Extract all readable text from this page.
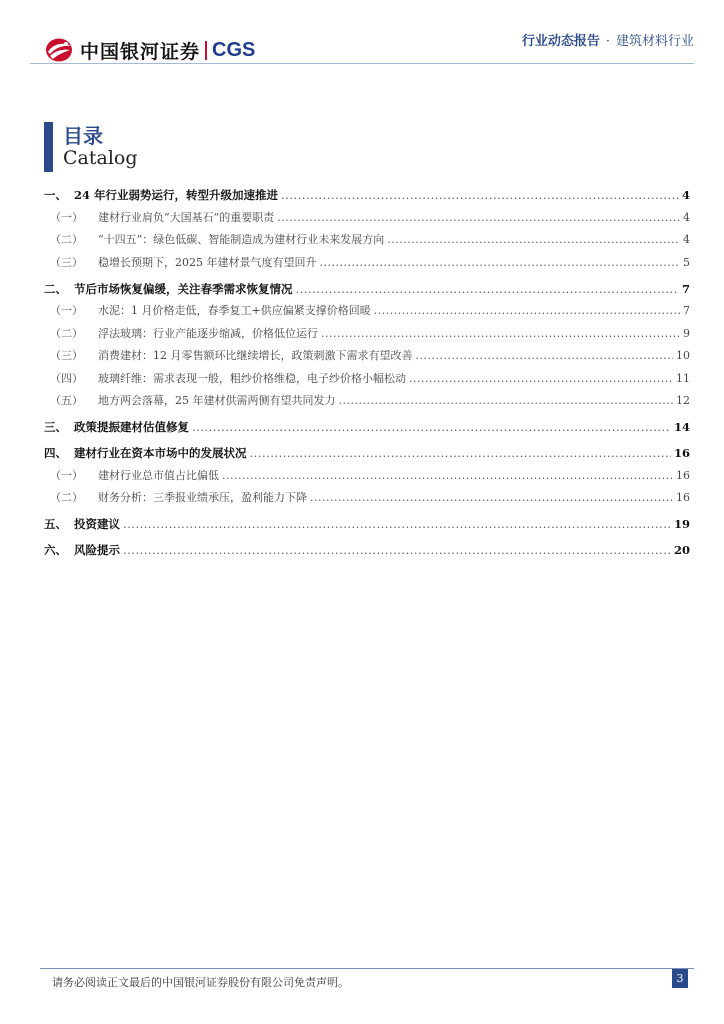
中国银河证券 CGS	行业动态报告 · 建筑材料行业
目录
Catalog
一、 24 年行业弱势运行，转型升级加速推进 .....	4
（一）	建材行业肩负“大国基石”的重要职责 .....	4
（二）	“十四五”：绿色低碳、智能制造成为建材行业未来发展方向 .....	4
（三）	稳增长预期下，2025 年建材景气度有望回升 .....	5
二、 节后市场恢复偏缓，关注春季需求恢复情况 .....	7
（一）	水泥：1 月价格走低，春季复工+供应偏紧支撑价格回暖 .....	7
（二）	浮法玻璃：行业产能逐步缩减，价格低位运行 .....	9
（三）	消费建材：12 月零售额环比继续增长，政策刺激下需求有望改善 .....	10
（四）	玻璃纤维：需求表现一般，粗纱价格维稳，电子纱价格小幅松动 .....	11
（五）	地方两会落幕，25 年建材供需两侧有望共同发力 .....	12
三、 政策提振建材估值修复 .....	14
四、 建材行业在资本市场中的发展状况 .....	16
（一）	建材行业总市值占比偏低 .....	16
（二）	财务分析：三季报业绩承压，盈利能力下降 .....	16
五、 投资建议 .....	19
六、 风险提示 .....	20
请务必阅读正文最后的中国银河证券股份有限公司免责声明。	3
